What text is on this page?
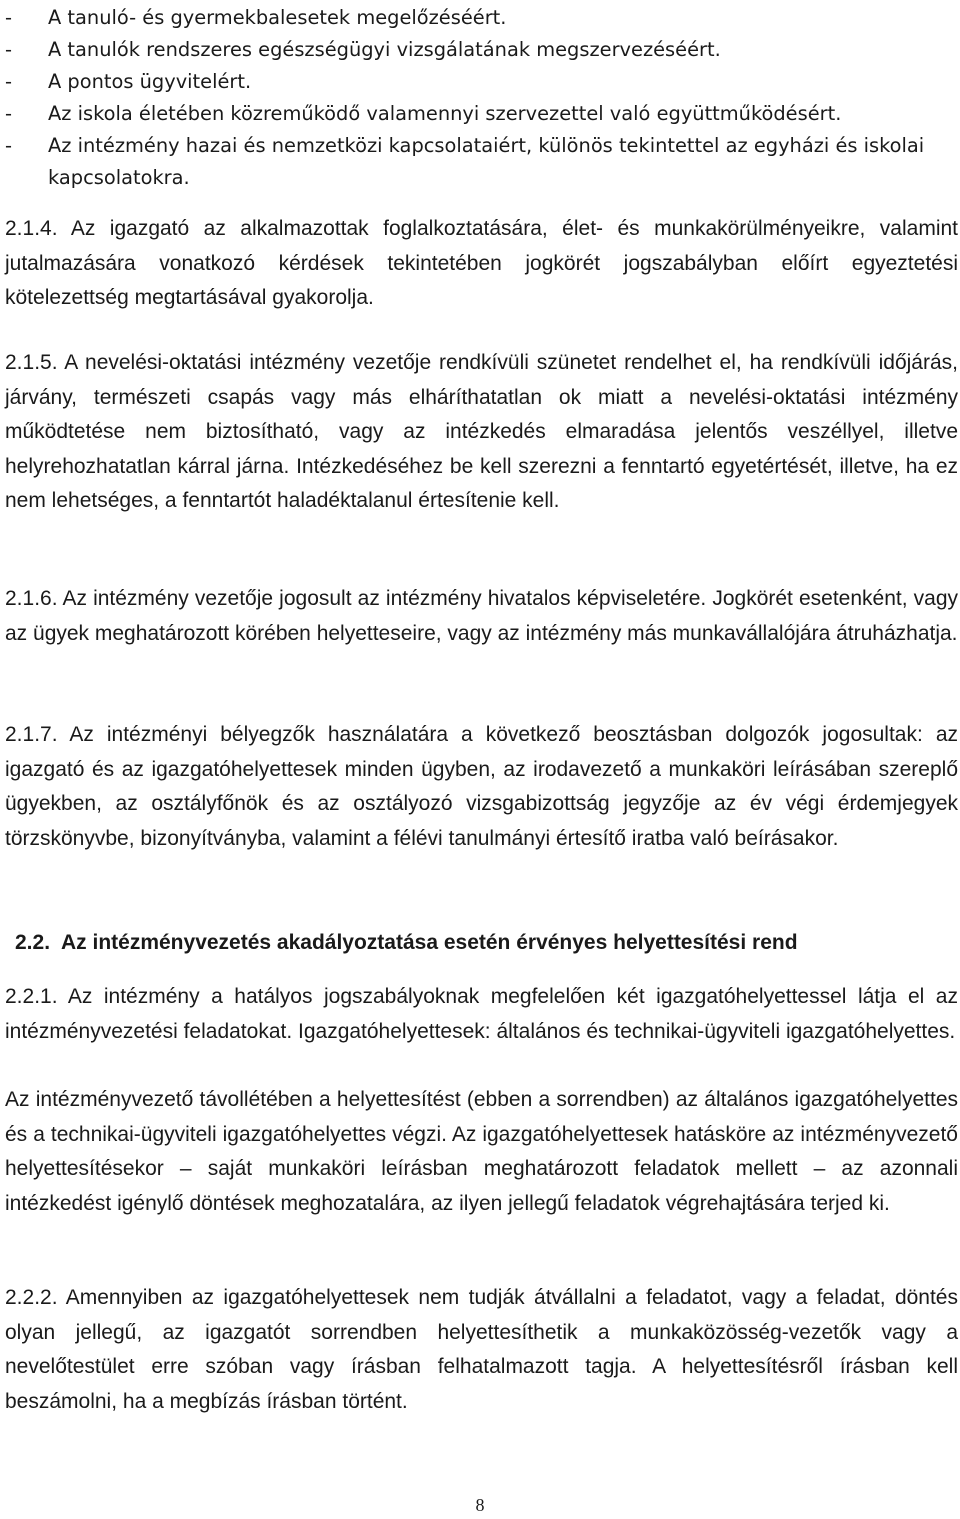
-	A tanuló- és gyermekbalesetek megelőzéséért.
-	A tanulók rendszeres egészségügyi vizsgálatának megszervezéséért.
-	A pontos ügyvitelért.
-	Az iskola életében közreműködő valamennyi szervezettel való együttműködésért.
-	Az intézmény hazai és nemzetközi kapcsolataiért, különös tekintettel az egyházi és iskolai kapcsolatokra.

2.1.4. Az igazgató az alkalmazottak foglalkoztatására, élet- és munkakörülményeikre, valamint jutalmazására vonatkozó kérdések tekintetében jogkörét jogszabályban előírt egyeztetési kötelezettség megtartásával gyakorolja.

2.1.5. A nevelési-oktatási intézmény vezetője rendkívüli szünetet rendelhet el, ha rendkívüli időjárás, járvány, természeti csapás vagy más elháríthatatlan ok miatt a nevelési-oktatási intézmény működtetése nem biztosítható, vagy az intézkedés elmaradása jelentős veszéllyel, illetve helyrehozhatatlan kárral járna. Intézkedéséhez be kell szerezni a fenntartó egyetértését, illetve, ha ez nem lehetséges, a fenntartót haladéktalanul értesítenie kell.

2.1.6. Az intézmény vezetője jogosult az intézmény hivatalos képviseletére. Jogkörét esetenként, vagy az ügyek meghatározott körében helyetteseire, vagy az intézmény más munkavállalójára átruházhatja.

2.1.7. Az intézményi bélyegzők használatára a következő beosztásban dolgozók jogosultak: az igazgató és az igazgatóhelyettesek minden ügyben, az irodavezető a munkaköri leírásában szereplő ügyekben, az osztályfőnök és az osztályozó vizsgabizottság jegyzője az év végi érdemjegyek törzskönyvbe, bizonyítványba, valamint a félévi tanulmányi értesítő iratba való beírásakor.

2.2. Az intézményvezetés akadályoztatása esetén érvényes helyettesítési rend

2.2.1. Az intézmény a hatályos jogszabályoknak megfelelően két igazgatóhelyettessel látja el az intézményvezetési feladatokat. Igazgatóhelyettesek: általános és technikai-ügyviteli igazgatóhelyettes.

Az intézményvezető távollétében a helyettesítést (ebben a sorrendben) az általános igazgatóhelyettes és a technikai-ügyviteli igazgatóhelyettes végzi. Az igazgatóhelyettesek hatásköre az intézményvezető helyettesítésekor – saját munkaköri leírásban meghatározott feladatok mellett – az azonnali intézkedést igénylő döntések meghozatalára, az ilyen jellegű feladatok végrehajtására terjed ki.

2.2.2. Amennyiben az igazgatóhelyettesek nem tudják átvállalni a feladatot, vagy a feladat, döntés olyan jellegű, az igazgatót sorrendben helyettesíthetik a munkaközösség-vezetők vagy a nevelőtestület erre szóban vagy írásban felhatalmazott tagja. A helyettesítésről írásban kell beszámolni, ha a megbízás írásban történt.

8
